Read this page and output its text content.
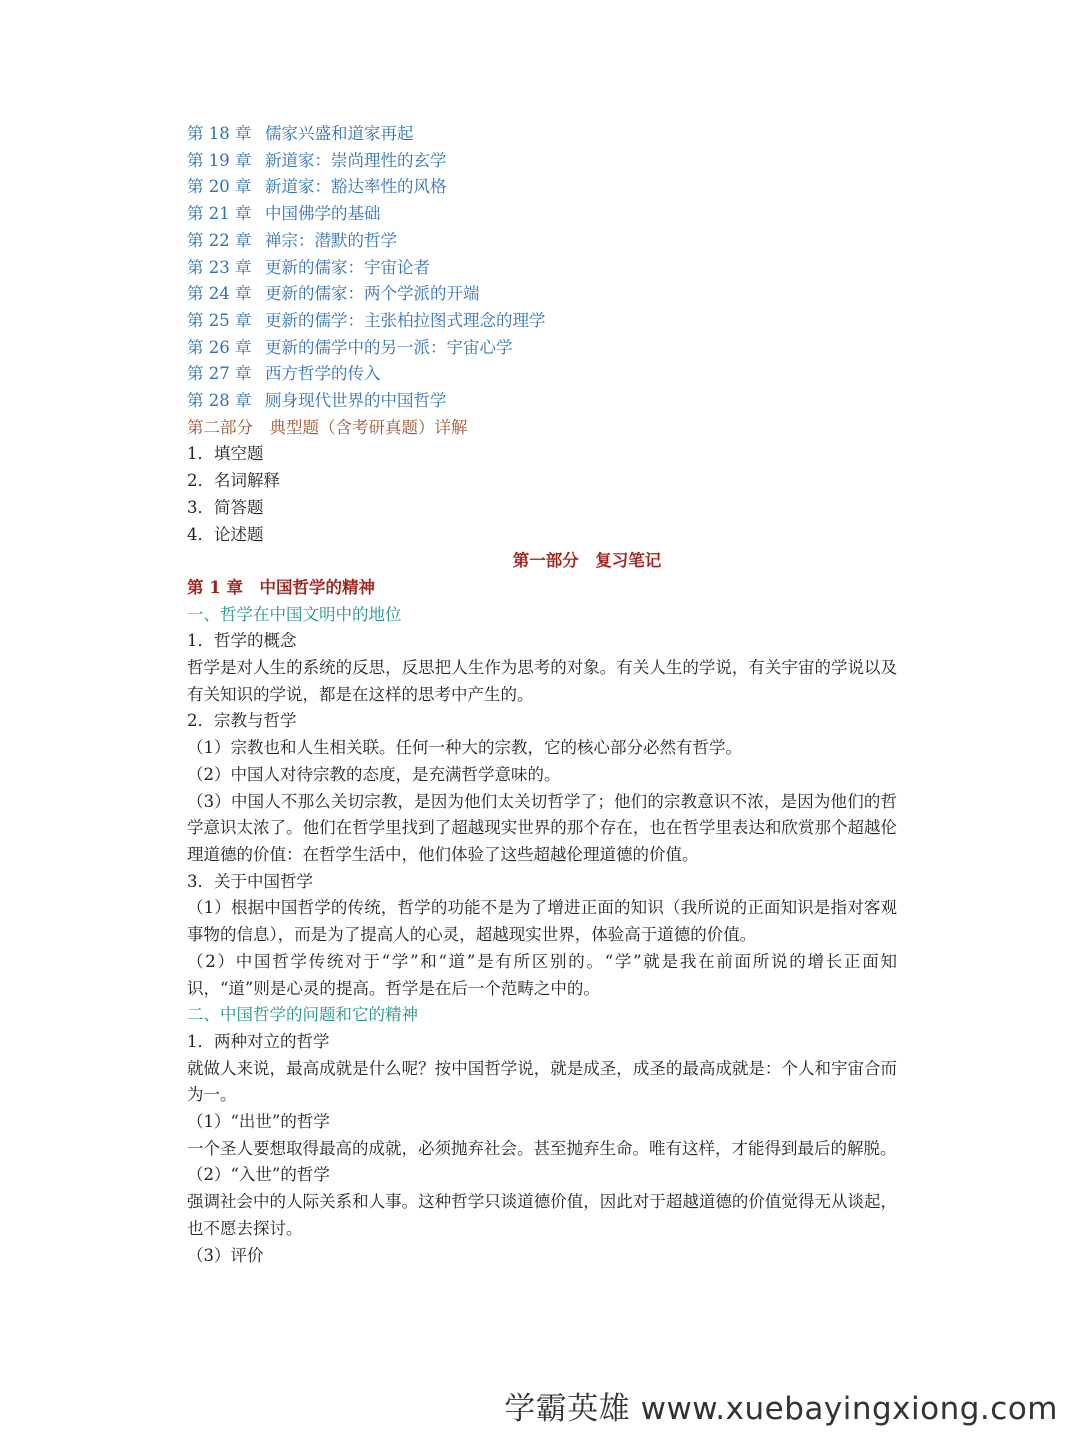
第 18 章 儒家兴盛和道家再起
第 19 章 新道家：崇尚理性的玄学
第 20 章 新道家：豁达率性的风格
第 21 章 中国佛学的基础
第 22 章 禅宗：潜默的哲学
第 23 章 更新的儒家：宇宙论者
第 24 章 更新的儒家：两个学派的开端
第 25 章 更新的儒学：主张柏拉图式理念的理学
第 26 章 更新的儒学中的另一派：宇宙心学
第 27 章 西方哲学的传入
第 28 章 厕身现代世界的中国哲学
第二部分　典型题（含考研真题）详解
1．填空题
2．名词解释
3．简答题
4．论述题
第一部分　复习笔记
第 1 章　中国哲学的精神
一、哲学在中国文明中的地位
1．哲学的概念
哲学是对人生的系统的反思，反思把人生作为思考的对象。有关人生的学说，有关宇宙的学说以及有关知识的学说，都是在这样的思考中产生的。
2．宗教与哲学
（1）宗教也和人生相关联。任何一种大的宗教，它的核心部分必然有哲学。
（2）中国人对待宗教的态度，是充满哲学意味的。
（3）中国人不那么关切宗教，是因为他们太关切哲学了；他们的宗教意识不浓，是因为他们的哲学意识太浓了。他们在哲学里找到了超越现实世界的那个存在，也在哲学里表达和欣赏那个超越伦理道德的价值：在哲学生活中，他们体验了这些超越伦理道德的价值。
3．关于中国哲学
（1）根据中国哲学的传统，哲学的功能不是为了增进正面的知识（我所说的正面知识是指对客观事物的信息），而是为了提高人的心灵，超越现实世界，体验高于道德的价值。
（2）中国哲学传统对于“学”和“道”是有所区别的。“学”就是我在前面所说的增长正面知识，“道”则是心灵的提高。哲学是在后一个范畴之中的。
二、中国哲学的问题和它的精神
1．两种对立的哲学
就做人来说，最高成就是什么呢？按中国哲学说，就是成圣，成圣的最高成就是：个人和宇宙合而为一。
（1）“出世”的哲学
一个圣人要想取得最高的成就，必须抛弃社会。甚至抛弃生命。唯有这样，才能得到最后的解脱。
（2）“入世”的哲学
强调社会中的人际关系和人事。这种哲学只谈道德价值，因此对于超越道德的价值觉得无从谈起，也不愿去探讨。
（3）评价
学霸英雄 www.xuebayingxiong.com
